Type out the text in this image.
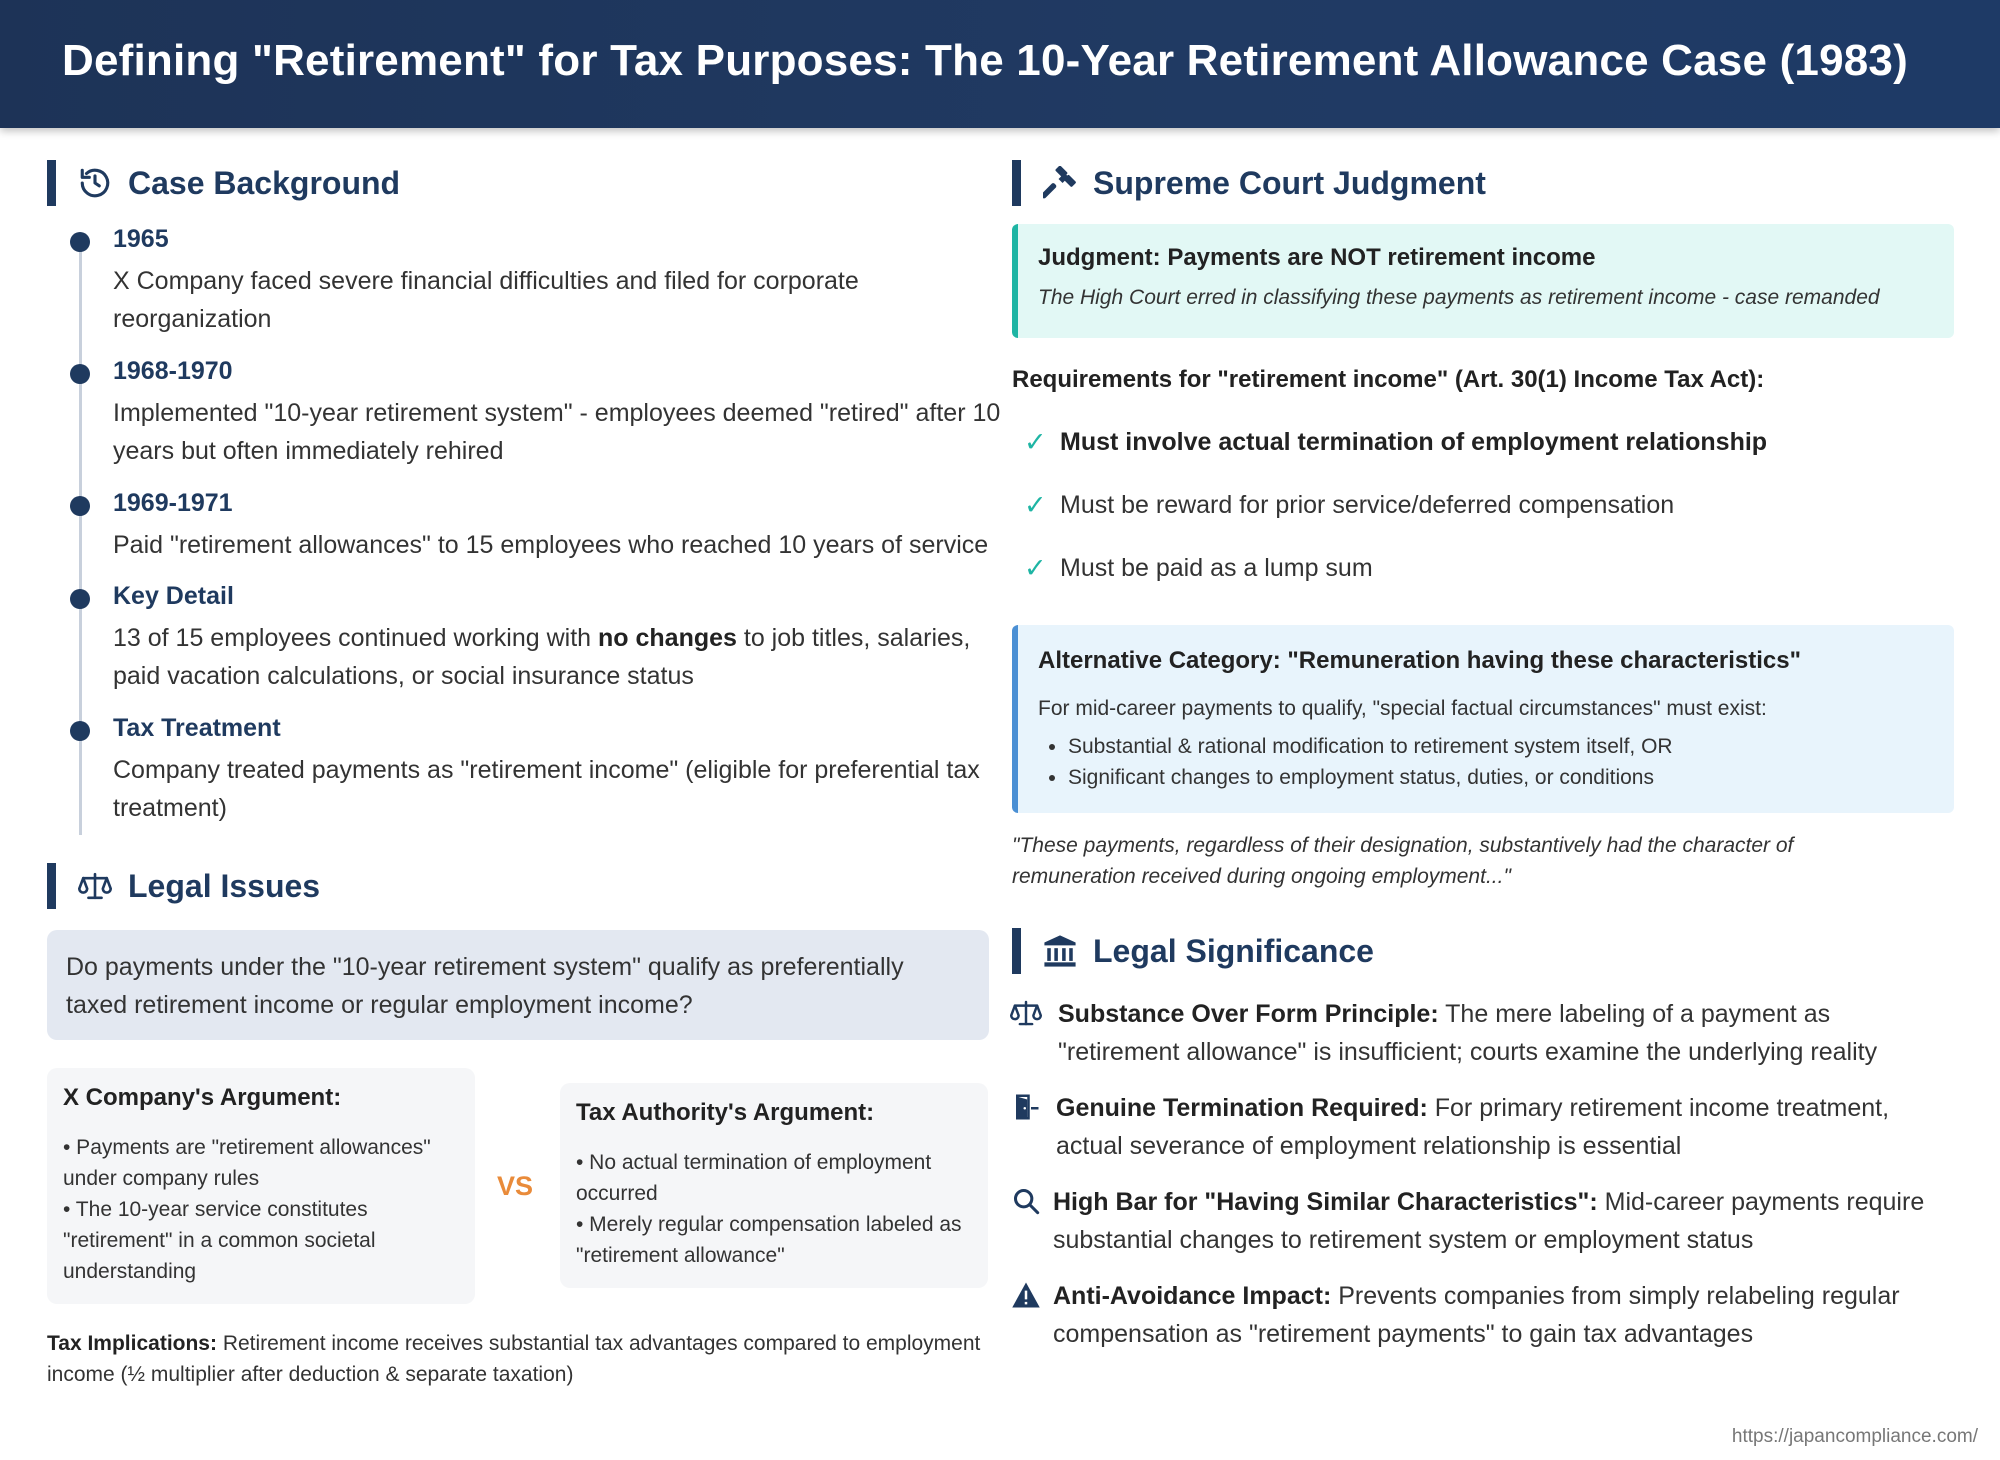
Defining "Retirement" for Tax Purposes: The 10-Year Retirement Allowance Case (1983)
Case Background
1965
X Company faced severe financial difficulties and filed for corporate reorganization
1968-1970
Implemented "10-year retirement system" - employees deemed "retired" after 10 years but often immediately rehired
1969-1971
Paid "retirement allowances" to 15 employees who reached 10 years of service
Key Detail
13 of 15 employees continued working with no changes to job titles, salaries, paid vacation calculations, or social insurance status
Tax Treatment
Company treated payments as "retirement income" (eligible for preferential tax treatment)
Legal Issues
Do payments under the "10-year retirement system" qualify as preferentially taxed retirement income or regular employment income?
X Company's Argument:
• Payments are "retirement allowances" under company rules
• The 10-year service constitutes "retirement" in a common societal understanding
VS
Tax Authority's Argument:
• No actual termination of employment occurred
• Merely regular compensation labeled as "retirement allowance"
Tax Implications: Retirement income receives substantial tax advantages compared to employment income (½ multiplier after deduction & separate taxation)
Supreme Court Judgment
Judgment: Payments are NOT retirement income
The High Court erred in classifying these payments as retirement income - case remanded
Requirements for "retirement income" (Art. 30(1) Income Tax Act):
✓ Must involve actual termination of employment relationship
✓ Must be reward for prior service/deferred compensation
✓ Must be paid as a lump sum
Alternative Category: "Remuneration having these characteristics"
For mid-career payments to qualify, "special factual circumstances" must exist:
• Substantial & rational modification to retirement system itself, OR
• Significant changes to employment status, duties, or conditions
"These payments, regardless of their designation, substantively had the character of remuneration received during ongoing employment..."
Legal Significance
Substance Over Form Principle: The mere labeling of a payment as "retirement allowance" is insufficient; courts examine the underlying reality
Genuine Termination Required: For primary retirement income treatment, actual severance of employment relationship is essential
High Bar for "Having Similar Characteristics": Mid-career payments require substantial changes to retirement system or employment status
Anti-Avoidance Impact: Prevents companies from simply relabeling regular compensation as "retirement payments" to gain tax advantages
https://japancompliance.com/
